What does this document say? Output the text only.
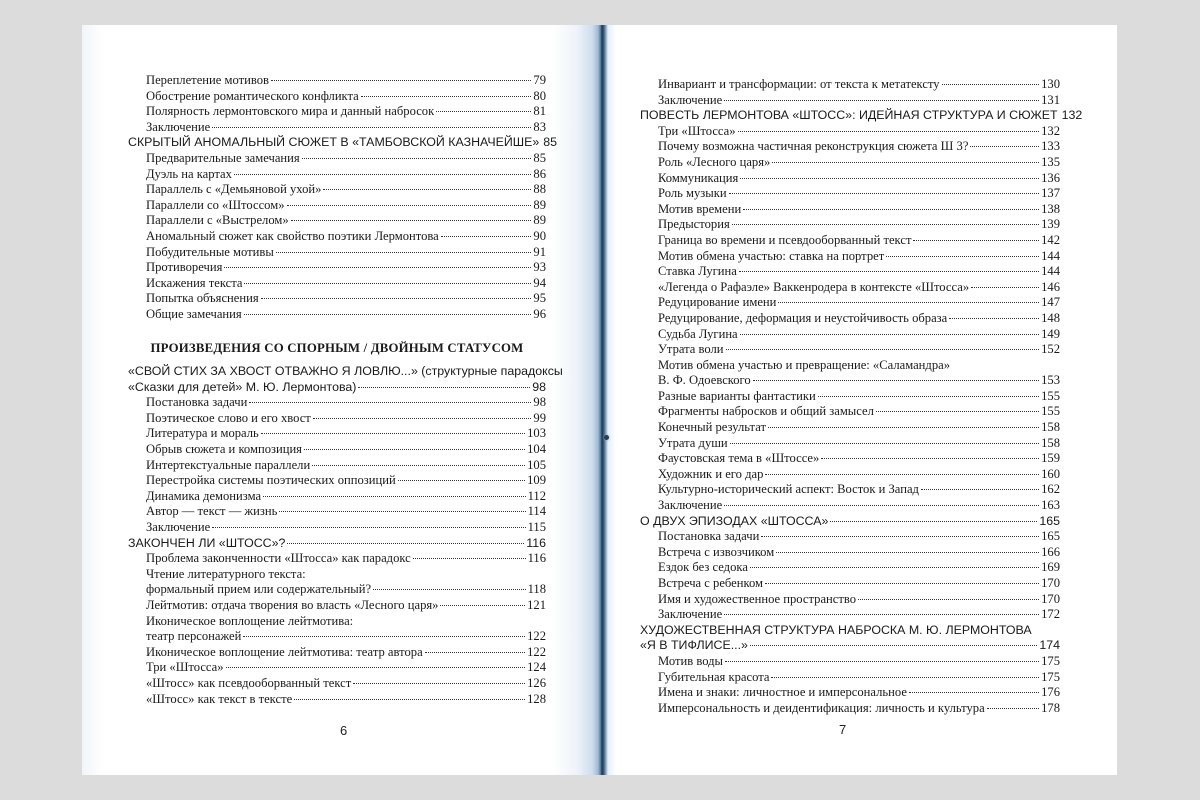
Переплетение мотивов	79
Обострение романтического конфликта	80
Полярность лермонтовского мира и данный набросок	81
Заключение	83
СКРЫТЫЙ АНОМАЛЬНЫЙ СЮЖЕТ В «ТАМБОВСКОЙ КАЗНАЧЕЙШЕ» 85
Предварительные замечания	85
Дуэль на картах	86
Параллель с «Демьяновой ухой»	88
Параллели со «Штоссом»	89
Параллели с «Выстрелом»	89
Аномальный сюжет как свойство поэтики Лермонтова	90
Побудительные мотивы	91
Противоречия	93
Искажения текста	94
Попытка объяснения	95
Общие замечания	96
ПРОИЗВЕДЕНИЯ СО СПОРНЫМ / ДВОЙНЫМ СТАТУСОМ
«СВОЙ СТИХ ЗА ХВОСТ ОТВАЖНО Я ЛОВЛЮ...» (структурные парадоксы
«Сказки для детей» М. Ю. Лермонтова)	98
Постановка задачи	98
Поэтическое слово и его хвост	99
Литература и мораль	103
Обрыв сюжета и композиция	104
Интертекстуальные параллели	105
Перестройка системы поэтических оппозиций	109
Динамика демонизма	112
Автор — текст — жизнь	114
Заключение	115
ЗАКОНЧЕН ЛИ «ШТОСС»?	116
Проблема законченности «Штосса» как парадокс	116
Чтение литературного текста:
формальный прием или содержательный?	118
Лейтмотив: отдача творения во власть «Лесного царя»	121
Иконическое воплощение лейтмотива:
театр персонажей	122
Иконическое воплощение лейтмотива: театр автора	122
Три «Штосса»	124
«Штосс» как псевдооборванный текст	126
«Штосс» как текст в тексте	128
6
Инвариант и трансформации: от текста к метатексту	130
Заключение	131
ПОВЕСТЬ ЛЕРМОНТОВА «ШТОСС»: ИДЕЙНАЯ СТРУКТУРА И СЮЖЕТ 132
Три «Штосса»	132
Почему возможна частичная реконструкция сюжета Ш 3?	133
Роль «Лесного царя»	135
Коммуникация	136
Роль музыки	137
Мотив времени	138
Предыстория	139
Граница во времени и псевдооборванный текст	142
Мотив обмена участью: ставка на портрет	144
Ставка Лугина	144
«Легенда о Рафаэле» Ваккенродера в контексте «Штосса»	146
Редуцирование имени	147
Редуцирование, деформация и неустойчивость образа	148
Судьба Лугина	149
Утрата воли	152
Мотив обмена участью и превращение: «Саламандра»
В. Ф. Одоевского	153
Разные варианты фантастики	155
Фрагменты набросков и общий замысел	155
Конечный результат	158
Утрата души	158
Фаустовская тема в «Штоссе»	159
Художник и его дар	160
Культурно-исторический аспект: Восток и Запад	162
Заключение	163
О ДВУХ ЭПИЗОДАХ «ШТОССА»	165
Постановка задачи	165
Встреча с извозчиком	166
Ездок без седока	169
Встреча с ребенком	170
Имя и художественное пространство	170
Заключение	172
ХУДОЖЕСТВЕННАЯ СТРУКТУРА НАБРОСКА М. Ю. ЛЕРМОНТОВА
«Я В ТИФЛИСЕ...»	174
Мотив воды	175
Губительная красота	175
Имена и знаки: личностное и имперсональное	176
Имперсональность и деидентификация: личность и культура	178
7
